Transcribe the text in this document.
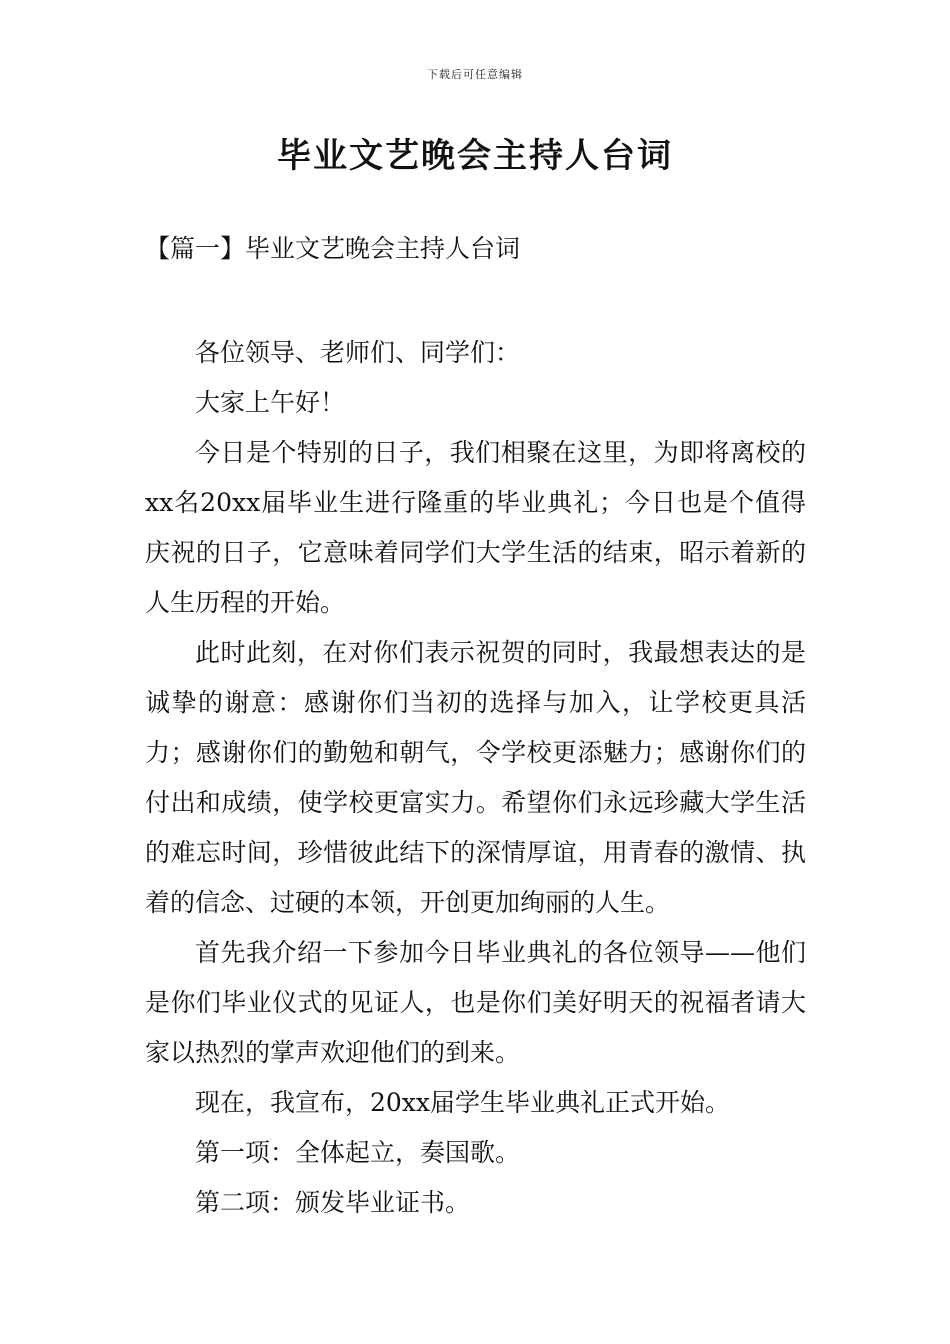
下载后可任意编辑
毕业文艺晚会主持人台词
【篇一】毕业文艺晚会主持人台词

各位领导、老师们、同学们：

大家上午好！

今日是个特别的日子，我们相聚在这里，为即将离校的xx名20xx届毕业生进行隆重的毕业典礼；今日也是个值得庆祝的日子，它意味着同学们大学生活的结束，昭示着新的人生历程的开始。

此时此刻，在对你们表示祝贺的同时，我最想表达的是诚挚的谢意：感谢你们当初的选择与加入，让学校更具活力；感谢你们的勤勉和朝气，令学校更添魅力；感谢你们的付出和成绩，使学校更富实力。希望你们永远珍藏大学生活的难忘时间，珍惜彼此结下的深情厚谊，用青春的激情、执着的信念、过硬的本领，开创更加绚丽的人生。

首先我介绍一下参加今日毕业典礼的各位领导——他们是你们毕业仪式的见证人，也是你们美好明天的祝福者请大家以热烈的掌声欢迎他们的到来。

现在，我宣布，20xx届学生毕业典礼正式开始。

第一项：全体起立，奏国歌。

第二项：颁发毕业证书。
